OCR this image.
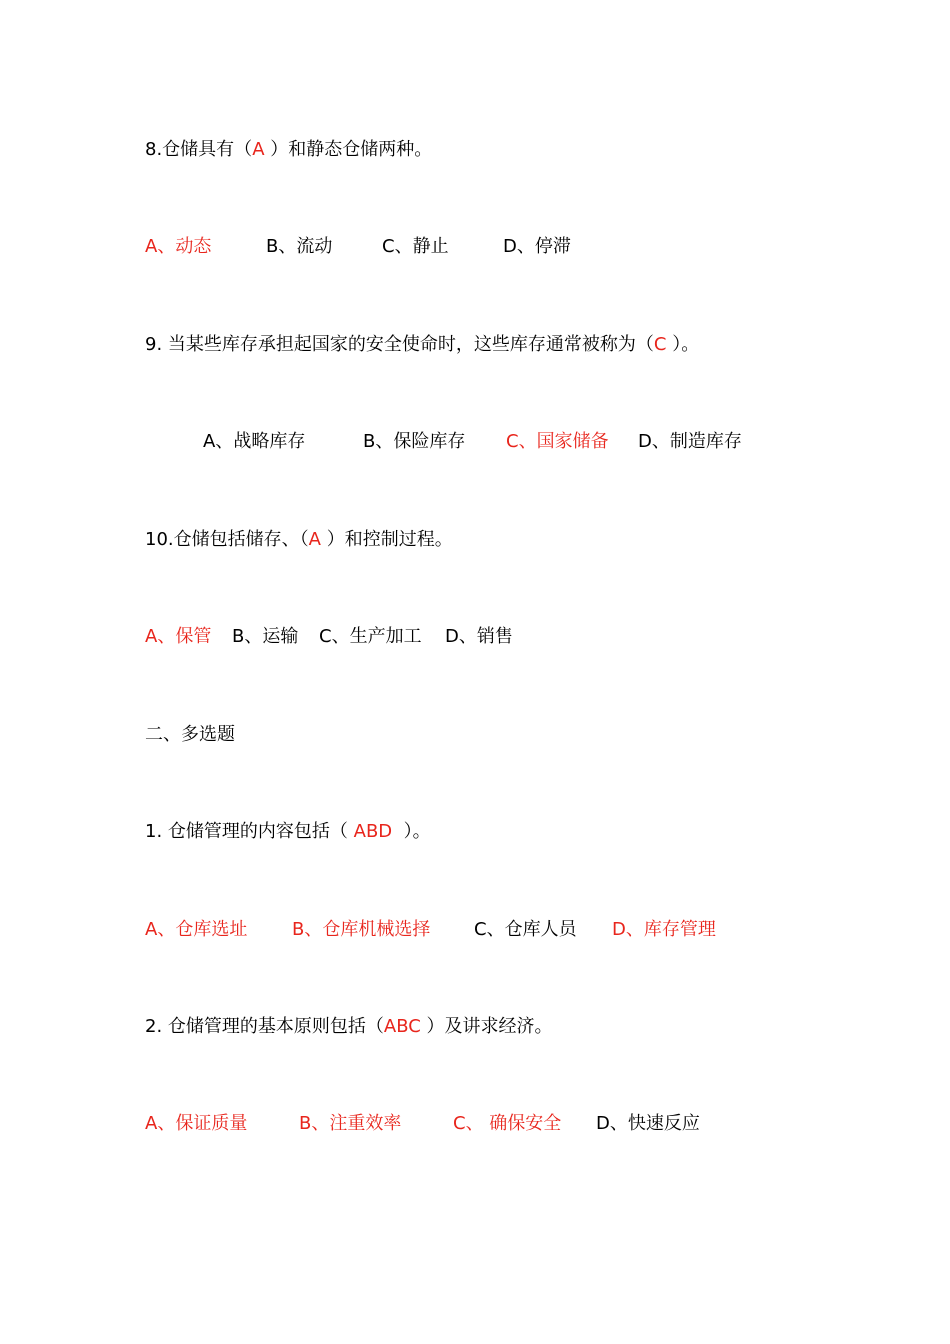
8.仓储具有（A ）和静态仓储两种。
A、动态	B、流动	C、静止	D、停滞
9. 当某些库存承担起国家的安全使命时，这些库存通常被称为（C ）。
A、战略库存	B、保险库存 C、国家储备 D、制造库存
10.仓储包括储存、（A ）和控制过程。
A、保管 B、运输 C、生产加工 D、销售
二、多选题
1. 仓储管理的内容包括（ ABD  ）。
A、仓库选址 B、仓库机械选择 C、仓库人员 D、库存管理
2. 仓储管理的基本原则包括（ABC ）及讲求经济。
A、保证质量	B、注重效率	C、 确保安全 D、快速反应
